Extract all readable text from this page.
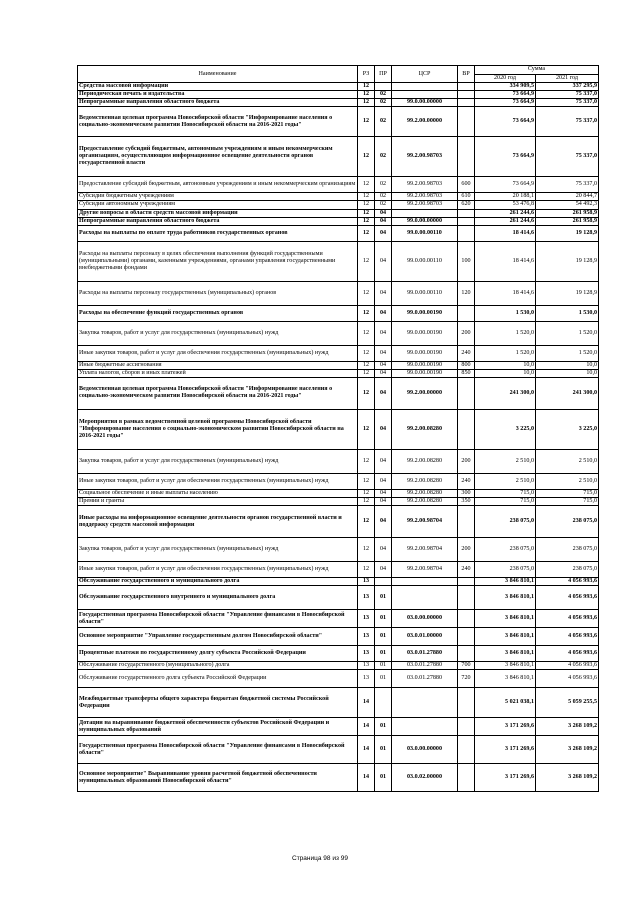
Наименование	РЗ	ПР	ЦСР	ВР	Сумма	
					2020 год	2021 год
Средства массовой информации	12				334 909,5	337 295,9
Периодическая печать и издательства	12	02			73 664,9	75 337,0
Непрограммные направления областного бюджета	12	02	99.0.00.00000		73 664,9	75 337,0
Ведомственная целевая программа Новосибирской области "Информирование населения о социально-экономическом развитии Новосибирской области на 2016-2021 годы"	12	02	99.2.00.00000		73 664,9	75 337,0
Предоставление субсидий бюджетным, автономным учреждениям и иным некоммерческим организациям, осуществляющим информационное освещение деятельности органов государственной власти	12	02	99.2.00.98703		73 664,9	75 337,0
Предоставление субсидий бюджетным, автономным учреждениям и иным некоммерческим организациям	12	02	99.2.00.98703	600	73 664,9	75 337,0
Субсидии бюджетным учреждениям	12	02	99.2.00.98703	610	20 188,1	20 844,7
Субсидии автономным учреждениям	12	02	99.2.00.98703	620	53 476,8	54 492,3
Другие вопросы в области средств массовой информации	12	04			261 244,6	261 958,9
Непрограммные направления областного бюджета	12	04	99.0.00.00000		261 244,6	261 958,9
Расходы на выплаты по оплате труда работников государственных органов	12	04	99.0.00.00110		18 414,6	19 128,9
Расходы на выплаты персоналу в целях обеспечения выполнения функций государственными (муниципальными) органами, казенными учреждениями, органами управления государственными внебюджетными фондами	12	04	99.0.00.00110	100	18 414,6	19 128,9
Расходы на выплаты персоналу государственных (муниципальных) органов	12	04	99.0.00.00110	120	18 414,6	19 128,9
Расходы на обеспечение функций государственных органов	12	04	99.0.00.00190		1 530,0	1 530,0
Закупка товаров, работ и услуг для государственных (муниципальных) нужд	12	04	99.0.00.00190	200	1 520,0	1 520,0
Иные закупки товаров, работ и услуг для обеспечения государственных (муниципальных) нужд	12	04	99.0.00.00190	240	1 520,0	1 520,0
Иные бюджетные ассигнования	12	04	99.0.00.00190	800	10,0	10,0
Уплата налогов, сборов и иных платежей	12	04	99.0.00.00190	850	10,0	10,0
Ведомственная целевая программа Новосибирской области "Информирование населения о социально-экономическом развитии Новосибирской области на 2016-2021 годы"	12	04	99.2.00.00000		241 300,0	241 300,0
Мероприятия в рамках ведомственной целевой программы Новосибирской области "Информирование населения о социально-экономическом развитии Новосибирской области на 2016-2021 годы"	12	04	99.2.00.08280		3 225,0	3 225,0
Закупка товаров, работ и услуг для государственных (муниципальных) нужд	12	04	99.2.00.08280	200	2 510,0	2 510,0
Иные закупки товаров, работ и услуг для обеспечения государственных (муниципальных) нужд	12	04	99.2.00.08280	240	2 510,0	2 510,0
Социальное обеспечение и иные выплаты населению	12	04	99.2.00.08280	300	715,0	715,0
Премии и гранты	12	04	99.2.00.08280	350	715,0	715,0
Иные расходы на информационное освещение деятельности органов государственной власти и поддержку средств массовой информации	12	04	99.2.00.98704		238 075,0	238 075,0
Закупка товаров, работ и услуг для государственных (муниципальных) нужд	12	04	99.2.00.98704	200	238 075,0	238 075,0
Иные закупки товаров, работ и услуг для обеспечения государственных (муниципальных) нужд	12	04	99.2.00.98704	240	238 075,0	238 075,0
Обслуживание государственного и муниципального долга	13				3 846 810,1	4 056 993,6
Обслуживание государственного внутреннего и муниципального долга	13	01			3 846 810,1	4 056 993,6
Государственная программа Новосибирской области "Управление финансами в Новосибирской области"	13	01	03.0.00.00000		3 846 810,1	4 056 993,6
Основное мероприятие "Управление государственным долгом Новосибирской области"	13	01	03.0.01.00000		3 846 810,1	4 056 993,6
Процентные платежи по государственному долгу субъекта Российской Федерации	13	01	03.0.01.27880		3 846 810,1	4 056 993,6
Обслуживание государственного (муниципального) долга	13	01	03.0.01.27880	700	3 846 810,1	4 056 993,6
Обслуживание государственного долга субъекта Российской Федерации	13	01	03.0.01.27880	720	3 846 810,1	4 056 993,6
Межбюджетные трансферты общего характера бюджетам бюджетной системы Российской Федерации	14				5 021 038,1	5 059 255,5
Дотации на выравнивание бюджетной обеспеченности субъектов Российской Федерации и муниципальных образований	14	01			3 171 269,6	3 268 109,2
Государственная программа Новосибирской области "Управление финансами в Новосибирской области"	14	01	03.0.00.00000		3 171 269,6	3 268 109,2
Основное мероприятие" Выравнивание уровня расчетной бюджетной обеспеченности муниципальных образований Новосибирской области"	14	01	03.0.02.00000		3 171 269,6	3 268 109,2
Страница 98 из 99
